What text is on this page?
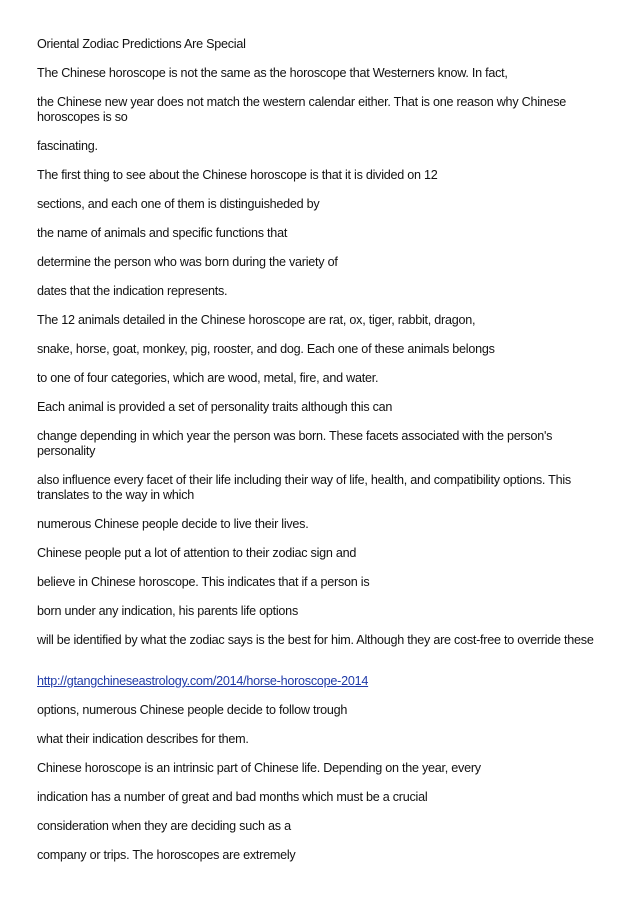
Oriental Zodiac Predictions Are Special

The Chinese horoscope is not the same as the horoscope that Westerners know. In fact,

the Chinese new year does not match the western calendar either. That is one reason why Chinese horoscopes is so

fascinating.

The first thing to see about the Chinese horoscope is that it is divided on 12

sections, and each one of them is distinguisheded by

the name of animals and specific functions that

determine the person who was born during the variety of

dates that the indication represents.

The 12 animals detailed in the Chinese horoscope are rat, ox, tiger, rabbit, dragon,

snake, horse, goat, monkey, pig, rooster, and dog. Each one of these animals belongs

to one of four categories, which are wood, metal, fire, and water.

Each animal is provided a set of personality traits although this can

change depending in which year the person was born. These facets associated with the person's personality

also influence every facet of their life including their way of life, health, and compatibility options. This translates to the way in which

numerous Chinese people decide to live their lives.

Chinese people put a lot of attention to their zodiac sign and

believe in Chinese horoscope. This indicates that if a person is

born under any indication, his parents life options

will be identified by what the zodiac says is the best for him. Although they are cost-free to override these

http://gtangchineseastrology.com/2014/horse-horoscope-2014

options, numerous Chinese people decide to follow trough

what their indication describes for them.

Chinese horoscope is an intrinsic part of Chinese life. Depending on the year, every

indication has a number of great and bad months which must be a crucial

consideration when they are deciding such as a

company or trips. The horoscopes are extremely
